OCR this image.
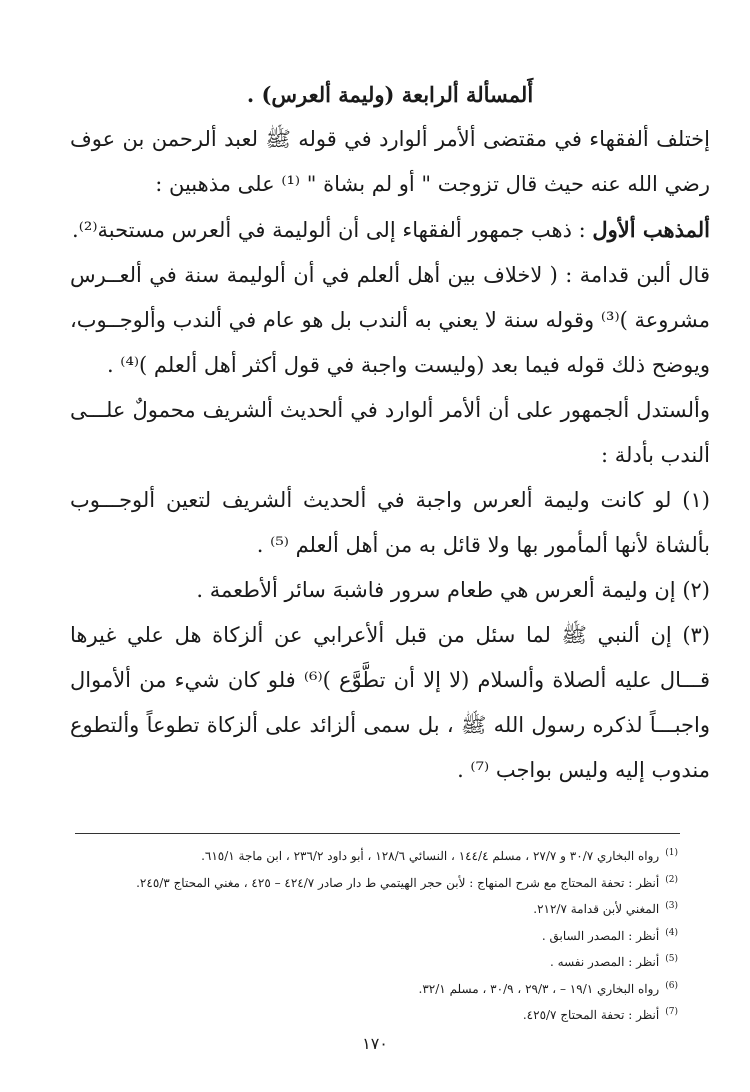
أَلمسألة ألرابعة (وليمة ألعرس) .

إختلف ألفقهاء في مقتضى ألأمر ألوارد في قوله ﷺ لعبد ألرحمن بن عوف رضي الله عنه حيث قال تزوجت " أو لم بشاة " ⁽¹⁾ على مذهبين :

ألمذهب ألأول : ذهب جمهور ألفقهاء إلى أن ألوليمة في ألعرس مستحبة⁽²⁾.

قال ألبن قدامة : ( لاخلاف بين أهل ألعلم في أن ألوليمة سنة في ألعــرس مشروعة )⁽³⁾ وقوله سنة لا يعني به ألندب بل هو عام في ألندب وألوجــوب، ويوضح ذلك قوله فيما بعد (وليست واجبة في قول أكثر أهل ألعلم )⁽⁴⁾ .

وألستدل ألجمهور على أن ألأمر ألوارد في ألحديث ألشريف محمولٌ علـــى ألندب بأدلة :

(١) لو كانت وليمة ألعرس واجبة في ألحديث ألشريف لتعين ألوجـــوب بألشاة لأنها ألمأمور بها ولا قائل به من أهل ألعلم ⁽⁵⁾ .

(٢) إن وليمة ألعرس هي طعام سرور فاشبهَ سائر ألأطعمة .

(٣) إن ألنبي ﷺ لما سئل من قبل ألأعرابي عن ألزكاة هل علي غيرها قـــال عليه ألصلاة وألسلام (لا إلا أن تطَّوَّع )⁽⁶⁾ فلو كان شيء من ألأموال واجبـــاً لذكره رسول الله ﷺ ، بل سمى ألزائد على ألزكاة تطوعاً وألتطوع مندوب إليه وليس بواجب ⁽⁷⁾ .

$^{(1)}$رواه البخاري ٣٠/٧ و ٢٧/٧ ، مسلم ١٤٤/٤ ، النسائي ١٢٨/٦ ، أبو داود ٢٣٦/٢ ، ابن ماجة ٦١٥/١.

$^{(2)}$أنظر : تحفة المحتاج مع شرح المنهاج : لأبن حجر الهيتمي ط دار صادر ٤٢٤/٧ – ٤٢٥ ، مغني المحتاج ٢٤٥/٣.

$^{(3)}$المغني لأبن قدامة ٢١٢/٧.

$^{(4)}$أنظر : المصدر السابق .

$^{(5)}$أنظر : المصدر نفسه .

$^{(6)}$رواه البخاري ١٩/١ – ، ٢٩/٣ ، ٣٠/٩ ، مسلم ٣٢/١.

$^{(7)}$أنظر : تحفة المحتاج ٤٢٥/٧.

١٧٠
